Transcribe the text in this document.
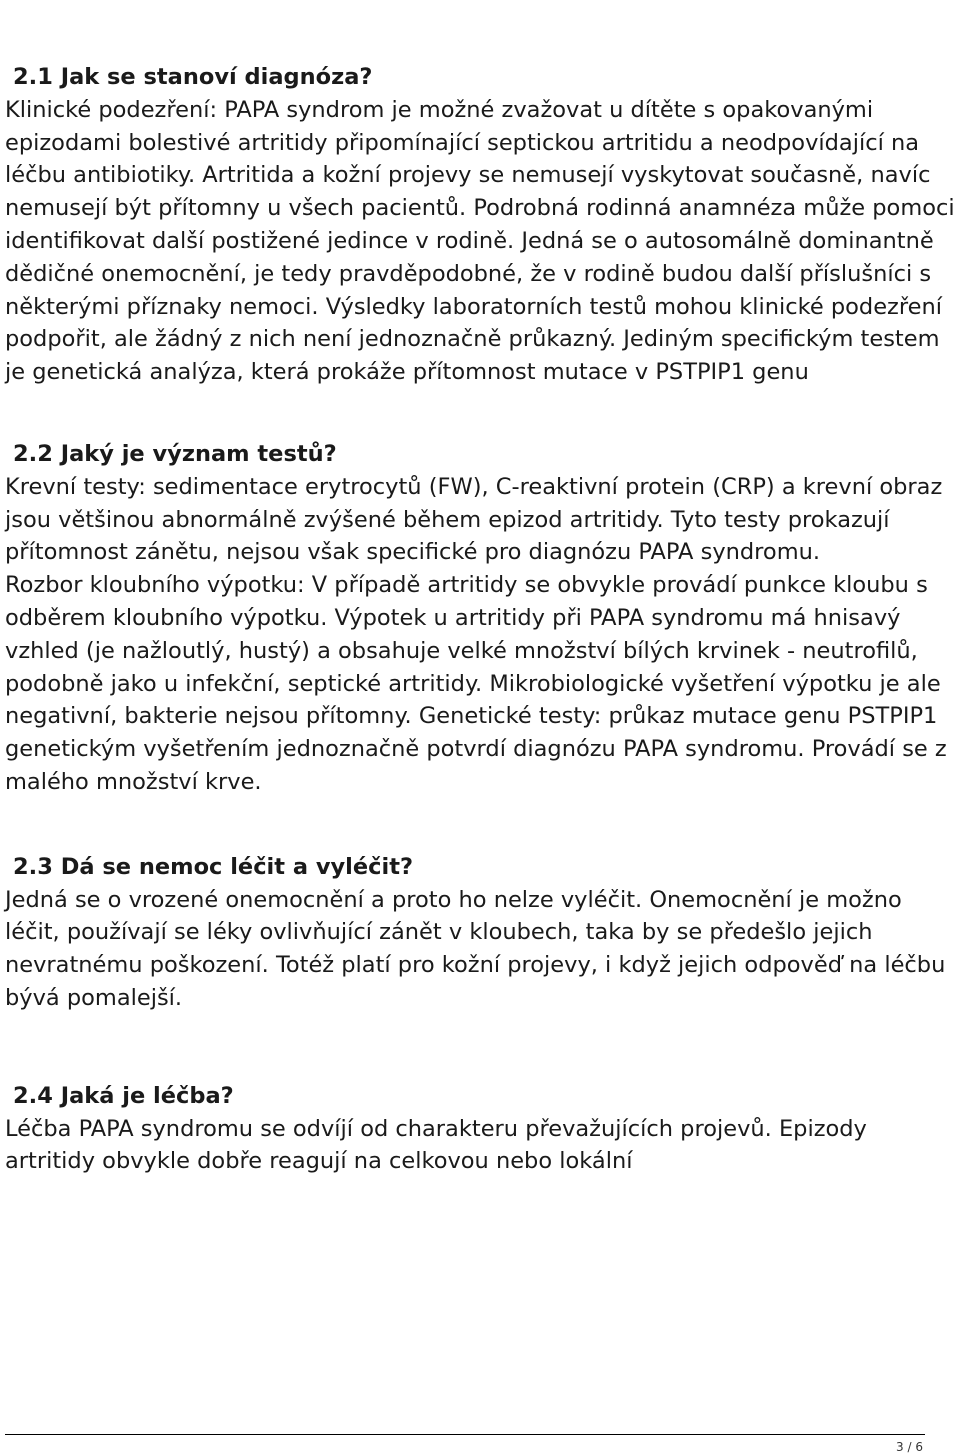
2.1 Jak se stanoví diagnóza?

Klinické podezření: PAPA syndrom je možné zvažovat u dítěte s opakovanými epizodami bolestivé artritidy připomínající septickou artritidu a neodpovídající na léčbu antibiotiky. Artritida a kožní projevy se nemusejí vyskytovat současně, navíc nemusejí být přítomny u všech pacientů. Podrobná rodinná anamnéza může pomoci identifikovat další postižené jedince v rodině. Jedná se o autosomálně dominantně dědičné onemocnění, je tedy pravděpodobné, že v rodině budou další příslušníci s některými příznaky nemoci. Výsledky laboratorních testů mohou klinické podezření podpořit, ale žádný z nich není jednoznačně průkazný. Jediným specifickým testem je genetická analýza, která prokáže přítomnost mutace v PSTPIP1 genu

2.2 Jaký je význam testů?

Krevní testy: sedimentace erytrocytů (FW), C-reaktivní protein (CRP) a krevní obraz jsou většinou abnormálně zvýšené během epizod artritidy. Tyto testy prokazují přítomnost zánětu, nejsou však specifické pro diagnózu PAPA syndromu.

Rozbor kloubního výpotku: V případě artritidy se obvykle provádí punkce kloubu s odběrem kloubního výpotku. Výpotek u artritidy při PAPA syndromu má hnisavý vzhled (je nažloutlý, hustý) a obsahuje velké množství bílých krvinek - neutrofilů, podobně jako u infekční, septické artritidy. Mikrobiologické vyšetření výpotku je ale negativní, bakterie nejsou přítomny. Genetické testy: průkaz mutace genu PSTPIP1 genetickým vyšetřením jednoznačně potvrdí diagnózu PAPA syndromu. Provádí se z malého množství krve.

2.3 Dá se nemoc léčit a vyléčit?

Jedná se o vrozené onemocnění a proto ho nelze vyléčit. Onemocnění je možno léčit, používají se léky ovlivňující zánět v kloubech, taka by se předešlo jejich nevratnému poškození. Totéž platí pro kožní projevy, i když jejich odpověď na léčbu bývá pomalejší.

2.4 Jaká je léčba?

Léčba PAPA syndromu se odvíjí od charakteru převažujících projevů. Epizody artritidy obvykle dobře reagují na celkovou nebo lokální

3 / 6
